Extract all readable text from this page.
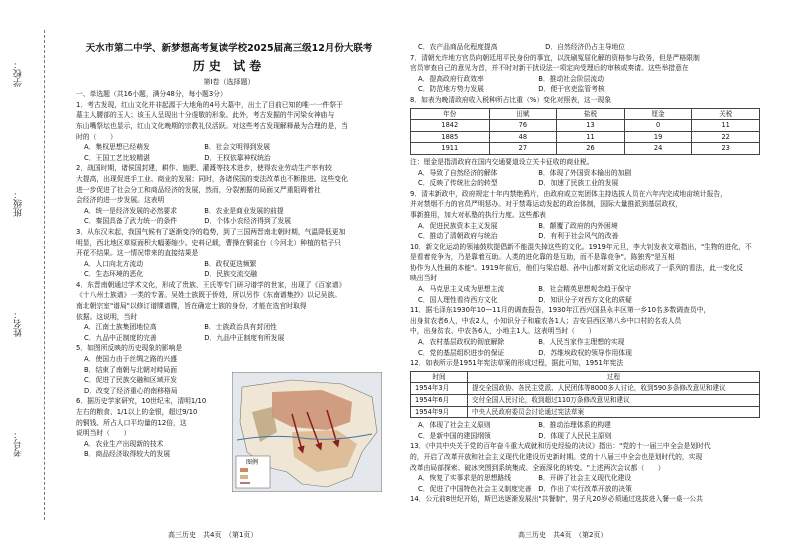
学校：
班级：
姓名：
考号：
天水市第二中学、新梦想高考复读学校2025届高三级12月份大联考
历史 试卷
第Ⅰ卷（选择题）

一、单选题（共16小题，满分48分，每小题3分）

1．考古发现，红山文化并非起源于大地角的4号大墓中，出土了目前已知的唯一一件祭于

墓主人腰部的玉人；该玉人呈现出十分虔敬的形象。此外，考古发掘的牛河梁女神庙与

东山嘴祭坛也显示，红山文化晚期的宗教礼仪活跃。对这些考古发现解释最为合理的是，当

时的（　　）

A．集权思想已经萌发　　　　　　　　B．社会文明得到发展

C．王国工艺比较精湛　　　　　　　　D．王权依靠神权统治

2．战国时期，诸侯国封建，耕作、施肥、灌溉等技术进步，使得农业劳动生产率有较

大提高，出现促进手工业、商业的发展；同时，各诸侯国的变法改革也不断推进。这些变化

进一步促进了社会分工和商品经济的发展，然而，分裂割据的局面又严重阻碍着社

会经济的进一步发展。这表明

A．统一是经济发展的必然要求　　　　B．农业是商业发展的前提

C．秦国具备了武力统一的条件　　　　D．个体小农经济得到了发展

3．从东汉末起，我国气候有了逐渐变冷的趋势，到了三国两晋南北朝时期，气温降低更加

明显，西北地区草原面积大幅萎缩少。史料记载，曹操在铜雀台（今河北）种植的桔子只

开花不结果。这一情况带来的直接结果是

A．人口向北方流动　　　　　　　　　B．政权更迭频繁

C．生态环境的恶化　　　　　　　　　D．民族交流交融

4．东晋南朝通过学术文化，形成了贵族、王氏等专门研习谱学的世家，出现了《百家谱》

《十八州士族谱》一类的专著。吴姓士族既于侨姓，所以另作《东南谱集抄》以记吴族。

南北朝宗室"谱局"以修订谱牒谱牒，旨在确定士族的身份，才能在选官时取得

依据。这说明，当时

A．江南士族集团地位高　　　　　　　B．士族政治具有封闭性

C．九品中正制度的完善　　　　　　　D．九品中正制度有所发展

5．如图所反映的历史现象的影响是

A．使国力由于丝绸之路的兴盛

B．结束了南朝与北朝对峙局面

C．促进了民族交融和区域开发

D．改变了经济重心的南移格局

6．据历史学家研究，10世纪末，清明1/10

左右的粮食、1/1以上的金银，超过9/10

的铜钱、所占人口平均量的12倍，这

说明当时（　　）

A．农业生产出现新的技术

B．商品经济取得较大的发展

图例

C．农产品商品化程度提高　　　　　　　D．自然经济仍占主导地位

7．清朝允许地方官员向朝廷用平民身份的事宜，以洗刷冤屈化解的资格参与政务，但是严格限制

官员审查自己的意见为首，并不时对新干扰设法一项定向受理后的审核或奏请。这些举措意在

A．提高政府行政效率　　　　　　　　B．推动社会阶层流动

C．防范地方势力发展　　　　　　　　D．便于官吏监管考核

8．如表为晚清政府收入税种所占比重（%）变化对照表，这一现象

年份	田赋	盐税	厘金	关税
1842	76	13	0	11
1885	48	11	19	22
1911	27	26	24	23

注：厘金是指清政府在国内交通要道设立关卡征收的商业税。

A．导致了自然经济的解体　　　　　　B．体现了外国资本输出的加剧

C．反映了传统社会的转型　　　　　　D．加速了民族工业的发展

9．清末新政中，政府规定十年内禁绝鸦片，由政府或立宪团体主持选拔人员在六年内完成地亩统计报告，

并对禁烟不力的官员严明惩办。对于禁毒运动发起的政治体制，国际大量推派到基层政权，

事新推用，加大对私塾的执行力度。这些都表

A．促进民族资本主义发展　　　　　　B．颠覆了政府的内外困境

C．推动了清朝政府与统治　　　　　　D．有利于社会风气的改善

10．新文化运动的领袖鼓吹提倡新不能混失掉这些的文化。1919年元旦，李大钊发表文章指出，"生物的进化，不

是看着竞争为，乃是靠着互助。人类的进化靠的是互助，而不是靠竞争"。陈独秀"是互相

协作为人性最的本能"。1919年前后，他们与梁启超、孙中山都对新文化运动形成了一系列的看法，此一变化反

映出当时

A．马克思主义成为思想主流　　　　　B．社会精英思想观念趋于保守

C．国人理性看待西方文化　　　　　　D．知识分子对西方文化的质疑

11．据毛泽东1930年10—11月的调查报告，1930年江西兴国县永丰区第一乡10名多数调查员中，

出身贫农者6人，中农2人，小知识分子和雇农各1人；吉安县西区第八乡中口村的名农人员

中，出身贫农、中农各6人，小地主1人。这表明当时（　　）

A．农村基层政权的彻底解除　　　　　B．人民当家作主理想的实现

C．党的基层组织进步的保证　　　　　D．苏维埃政权的领导作用体现

12．如表所示是1951年宪法草案的形成过程，据此可知，1951年宪法

时间	过程
1954年3月	提交全国政协、各民主党派、人民团体等8000多人讨论，收到590多条修改意见和建议
1954年6月	交付全国人民讨论，收到超过110万条修改意见和建议
1954年9月	中央人民政府委员会讨论通过宪法草案

A．体现了社会主义原则　　　　　　　B．推动治理体系的构建

C．是新中国的建国纲领　　　　　　　D．体现了人民民主原则

13．《中共中央关于党的百年奋斗重大成就和历史经验的决议》指出："党的十一届三中全会是划时代

的，开启了改革开放和社会主义现代化建设历史新时期。党的十八届三中全会也是划时代的，实现

改革由局部探索、破冰突围到系统集成、全面深化的转变。"上述两次会议都（　　）

A．恢复了实事求是的思想路线　　　　B．开辟了社会主义现代化建设

C．促进了中国特色社会主义制度完善　D．作出了实行改革开放的决策

14．公元前8世纪开始，斯巴达逐渐发展出"共餐制"，男子凡20岁必须通过选拔进入餐一桌一公共

高三历史　共4页　（第1页）	高三历史　共4页　（第2页）
